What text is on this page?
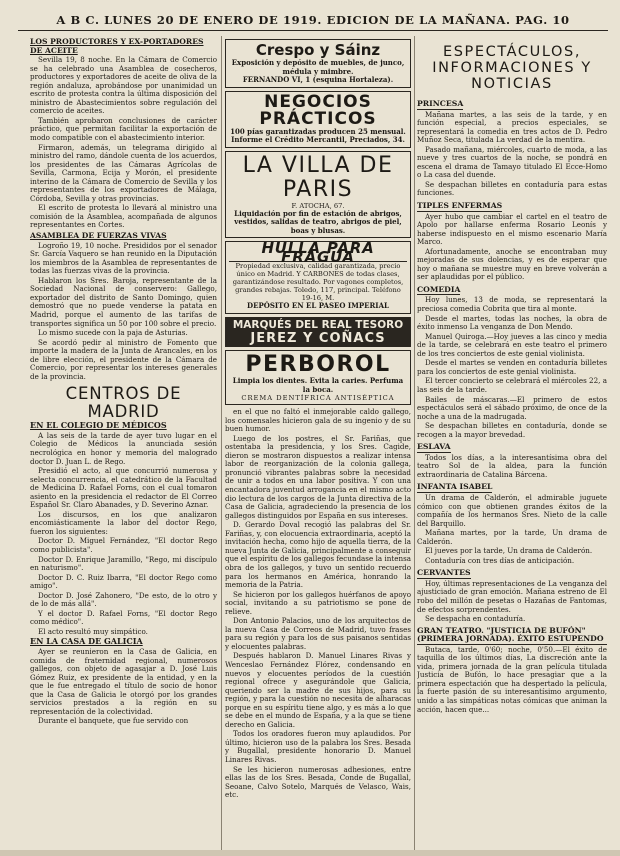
A B C. LUNES 20 DE ENERO DE 1919. EDICION DE LA MAÑANA. PAG. 10
LOS PRODUCTORES Y EX-PORTADORES DE ACEITE

Sevilla 19, 8 noche. En la Cámara de Comercio se ha celebrado una Asamblea de cosecheros, productores y exportadores de aceite de oliva de la región andaluza, aprobándose por unanimidad un escrito de protesta contra la última disposición del ministro de Abastecimientos sobre regulación del comercio de aceites.

También aprobaron conclusiones de carácter práctico, que permitan facilitar la exportación de modo compatible con el abastecimiento interior.

Firmaron, además, un telegrama dirigido al ministro del ramo, dándole cuenta de los acuerdos, los presidentes de las Cámaras Agrícolas de Sevilla, Carmona, Ecija y Morón, el presidente interino de la Cámara de Comercio de Sevilla y los representantes de los exportadores de Málaga, Córdoba, Sevilla y otras provincias.

El escrito de protesta lo llevará al ministro una comisión de la Asamblea, acompañada de algunos representantes en Cortes.

ASAMBLEA DE FUERZAS VIVAS

Logroño 19, 10 noche. Presididos por el senador Sr. García Vaquero se han reunido en la Diputación los miembros de la Asamblea de representantes de todas las fuerzas vivas de la provincia.

Hablaron los Sres. Baroja, representante de la Sociedad Nacional de conservero: Gallego, exportador del distrito de Santo Domingo, quien demostró que no puede venderse la patata en Madrid, porque el aumento de las tarifas de transportes significa un 50 por 100 sobre el precio.

Lo mismo sucede con la paja de Asturias.

Se acordó pedir al ministro de Fomento que importe la madera de la Junta de Arancales, en los de libre elección, el presidente de la Cámara de Comercio, por representar los intereses generales de la provincia.

CENTROS DE MADRID
EN EL COLEGIO DE MÉDICOS

A las seis de la tarde de ayer tuvo lugar en el Colegio de Médicos la anunciada sesión necrológica en honor y memoria del malogrado doctor D. Juan L. de Rego.

Presidió el acto, al que concurrió numerosa y selecta concurrencia, el catedrático de la Facultad de Medicina D. Rafael Forns, con el cual tomaron asiento en la presidencia el redactor de El Correo Español Sr. Claro Abanades, y D. Severino Aznar.

Los discursos, en los que analizaron encomiásticamente la labor del doctor Rego, fueron los siguientes:

Doctor D. Miguel Fernández, "El doctor Rego como publicista".

Doctor D. Enrique Jaramillo, "Rego, mi discípulo en naturismo".

Doctor D. C. Ruiz Ibarra, "El doctor Rego como amigo".

Doctor D. José Zahonero, "De esto, de lo otro y de lo de más allá".

Y el doctor D. Rafael Forns, "El doctor Rego como médico".

El acto resultó muy simpático.

EN LA CASA DE GALICIA

Ayer se reunieron en la Casa de Galicia, en comida de fraternidad regional, numerosos gallegos, con objeto de agasajar a D. José Luis Gómez Ruiz, ex presidente de la entidad, y en la que le fue entregado el título de socio de honor que la Casa de Galicia le otorgó por los grandes servicios prestados a la región en su representación de la colectividad.

Durante el banquete, que fue servido con

Crespo y Sáinz
Exposición y depósito de muebles, de junco, médula y mimbre.
FERNANDO VI, 1 (esquina Hortaleza).
NEGOCIOS PRÁCTICOS
100 pías garantizadas producen 25 mensual. Informe el Crédito Mercantil, Preciados, 34.
LA VILLA DE PARIS
F. ATOCHA, 67.
Liquidación por fin de estación de abrigos, vestidos, salidas de teatro, abrigos de piel, boas y blusas.
HULLA PARA FRAGUA
Propiedad exclusiva, calidad garantizada, precio único en Madrid. Y CARBONES de todas clases, garantizándose resultado. Por vagones completos, grandes rebajas. Toledo, 117, principal. Teléfono 19-16, M.
DEPÓSITO EN EL PASEO IMPERIAL
MARQUÉS DEL REAL TESORO
JEREZ Y COÑACS
PERBOROL
Limpia los dientes. Evita la caries. Perfuma la boca.
CREMA DENTÍFRICA ANTISÉPTICA

en el que no faltó el inmejorable caldo gallego, los comensales hicieron gala de su ingenio y de su buen humor.

Luego de los postres, el Sr. Fariñas, que ostentaba la presidencia, y los Sres. Cagide, dieron se mostraron dispuestos a realizar intensa labor de reorganización de la colonia gallega, pronunció vibrantes palabras sobre la necesidad de unir a todos en una labor positiva. Y con una encantadora juventud arrogancia en el mismo acto dio lectura de los cargos de la Junta directiva de la Casa de Galicia, agradeciendo la presencia de los gallegos distinguidos por España en sus intereses.

D. Gerardo Doval recogió las palabras del Sr. Fariñas, y, con elocuencia extraordinaria, aceptó la invitación hecha, como hijo de aquella tierra, de la nueva Junta de Galicia, principalmente a conseguir que el espíritu de los gallegos fecundase la intensa obra de los gallegos, y tuvo un sentido recuerdo para los hermanos en América, honrando la memoria de la Patria.

Se hicieron por los gallegos huérfanos de apoyo social, invitando a su patriotismo se pone de relieve.

Don Antonio Palacios, uno de los arquitectos de la nueva Casa de Correos de Madrid, tuvo frases para su región y para los de sus paisanos sentidas y elocuentes palabras.

Después hablaron D. Manuel Linares Rivas y Wenceslao Fernández Flórez, condensando en nuevos y elocuentes períodos de la cuestión regional ofrece y asegurándole que Galicia, queriendo ser la madre de sus hijos, para su región, y para la cuestión no necesita de alharacas porque en su espíritu tiene algo, y es más a lo que se debe en el mundo de España, y a la que se tiene derecho en Galicia.

Todos los oradores fueron muy aplaudidos. Por último, hicieron uso de la palabra los Sres. Besada y Bugallal, presidente honorario D. Manuel Linares Rivas.

Se les hicieron numerosas adhesiones, entre ellas las de los Sres. Besada, Conde de Bugallal, Seoane, Calvo Sotelo, Marqués de Velasco, Wais, etc.

ESPECTÁCULOS, INFORMACIONES Y NOTICIAS
PRINCESA

Mañana martes, a las seis de la tarde, y en función especial, a precios especiales, se representará la comedia en tres actos de D. Pedro Muñoz Seca, titulada La verdad de la mentira.

Pasado mañana, miércoles, cuarto de moda, a las nueve y tres cuartos de la noche, se pondrá en escena el drama de Tamayo titulado El Ecce-Homo o La casa del duende.

Se despachan billetes en contaduría para estas funciones.

TIPLES ENFERMAS

Ayer hubo que cambiar el cartel en el teatro de Apolo por hallarse enferma Rosario Leonís y haberse indispuesto en el mismo escenario María Marco.

Afortunadamente, anoche se encontraban muy mejoradas de sus dolencias, y es de esperar que hoy o mañana se muestre muy en breve volverán a ser aplaudidas por el público.

COMEDIA

Hoy lunes, 13 de moda, se representará la preciosa comedia Cobrita que tira al monte.

Desde el martes, todas las noches, la obra de éxito inmenso La venganza de Don Mendo.

Manuel Quiroga.—Hoy jueves a las cinco y media de la tarde, se celebrará en este teatro el primero de los tres conciertos de este genial violinista.

Desde el martes se venden en contaduría billetes para los conciertos de este genial violinista.

El tercer concierto se celebrará el miércoles 22, a las seis de la tarde.

Bailes de máscaras.—El primero de estos espectáculos será el sábado próximo, de once de la noche a una de la madrugada.

Se despachan billetes en contaduría, donde se recogen a la mayor brevedad.

ESLAVA

Todos los días, a la interesantísima obra del teatro Sol de la aldea, para la función extraordinaria de Catalina Bárcena.

INFANTA ISABEL

Un drama de Calderón, el admirable juguete cómico con que obtienen grandes éxitos de la compañía de los hermanos Sres. Nieto de la calle del Barquillo.

Mañana martes, por la tarde, Un drama de Calderón.

El jueves por la tarde, Un drama de Calderón.

Contaduría con tres días de anticipación.

CERVANTES

Hoy, últimas representaciones de La venganza del ajusticiado de gran emoción. Mañana estreno de El robo del millón de pesetas o Hazañas de Fantomas, de efectos sorprendentes.

Se despacha en contaduría.

GRAN TEATRO. "JUSTICIA DE BUFÓN" (PRIMERA JORNADA). ÉXITO ESTUPENDO

Butaca, tarde, 0'60; noche, 0'50.—El éxito de taquilla de los últimos días, La discreción ante la vida, primera jornada de la gran película titulada Justicia de Bufón, lo hace presagiar que a la primera espectación que ha despertado la película, la fuerte pasión de su interesantísimo argumento, unido a las simpáticas notas cómicas que animan la acción, hacen que...
